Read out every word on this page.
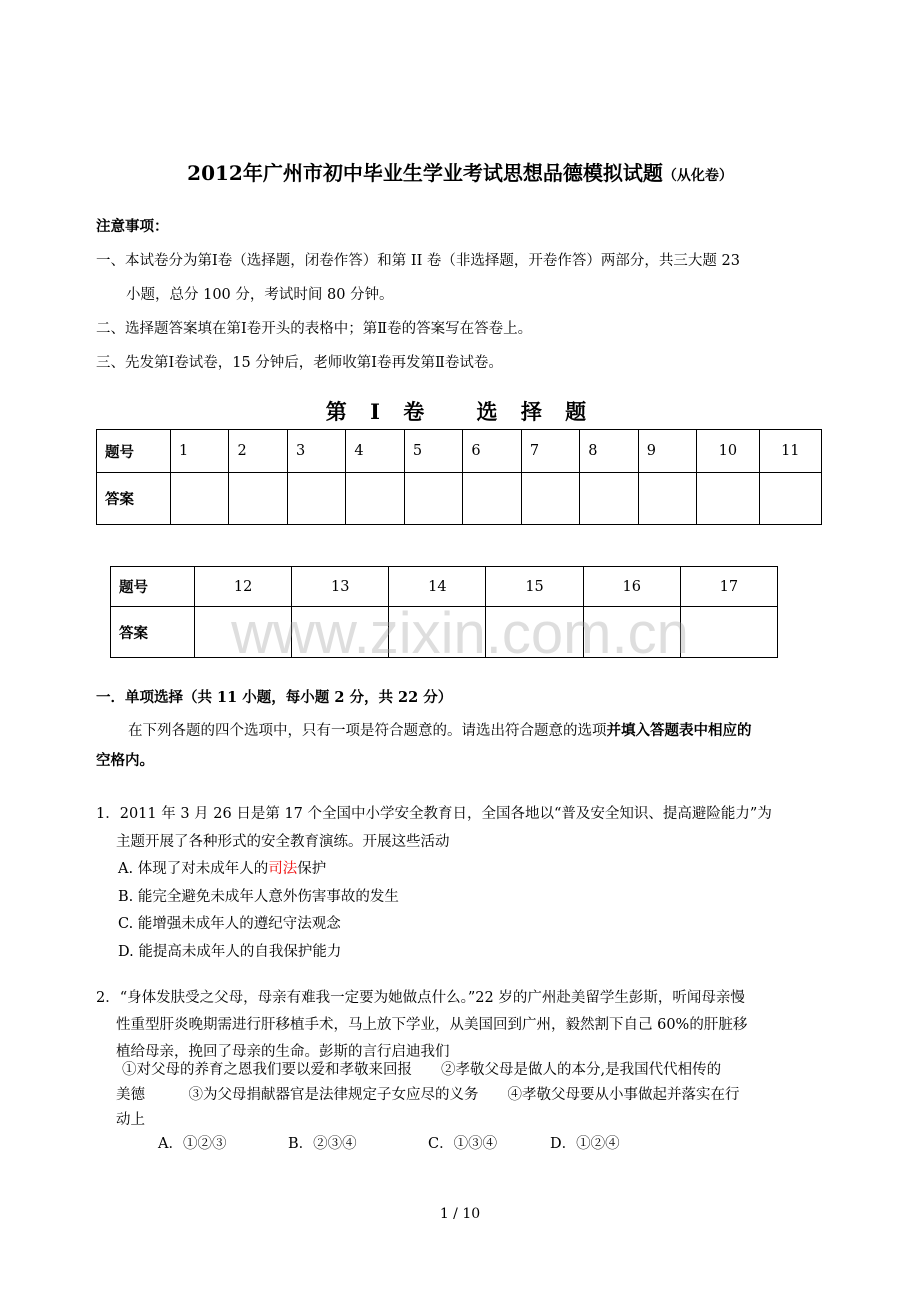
2012年广州市初中毕业生学业考试思想品德模拟试题（从化卷）
注意事项：
一、本试卷分为第Ⅰ卷（选择题，闭卷作答）和第 II 卷（非选择题，开卷作答）两部分，共三大题 23
小题，总分 100 分，考试时间 80 分钟。
二、选择题答案填在第Ⅰ卷开头的表格中；第Ⅱ卷的答案写在答卷上。
三、先发第Ⅰ卷试卷，15 分钟后，老师收第Ⅰ卷再发第Ⅱ卷试卷。
第 Ⅰ 卷　 选 择 题
题号	1	2	3	4	5	6	7	8	9	10	11
答案											
题号	12	13	14	15	16	17
答案							www.zixin.com.cn
一．单项选择（共 11 小题，每小题 2 分，共 22 分）
在下列各题的四个选项中，只有一项是符合题意的。请选出符合题意的选项并填入答题表中相应的
空格内。
1．2011 年 3 月 26 日是第 17 个全国中小学安全教育日，全国各地以“普及安全知识、提高避险能力”为
主题开展了各种形式的安全教育演练。开展这些活动
A. 体现了对未成年人的司法保护
B. 能完全避免未成年人意外伤害事故的发生
C. 能增强未成年人的遵纪守法观念
D. 能提高未成年人的自我保护能力
2．“身体发肤受之父母，母亲有难我一定要为她做点什么。”22 岁的广州赴美留学生彭斯，听闻母亲慢
性重型肝炎晚期需进行肝移植手术，马上放下学业，从美国回到广州，毅然割下自己 60%的肝脏移
植给母亲，挽回了母亲的生命。彭斯的言行启迪我们
①对父母的养育之恩我们要以爱和孝敬来回报　　②孝敬父母是做人的本分,是我国代代相传的
美德　　　③为父母捐献器官是法律规定子女应尽的义务　　④孝敬父母要从小事做起并落实在行
动上
A．①②③	B．②③④	C．①③④	D．①②④
1 / 10
